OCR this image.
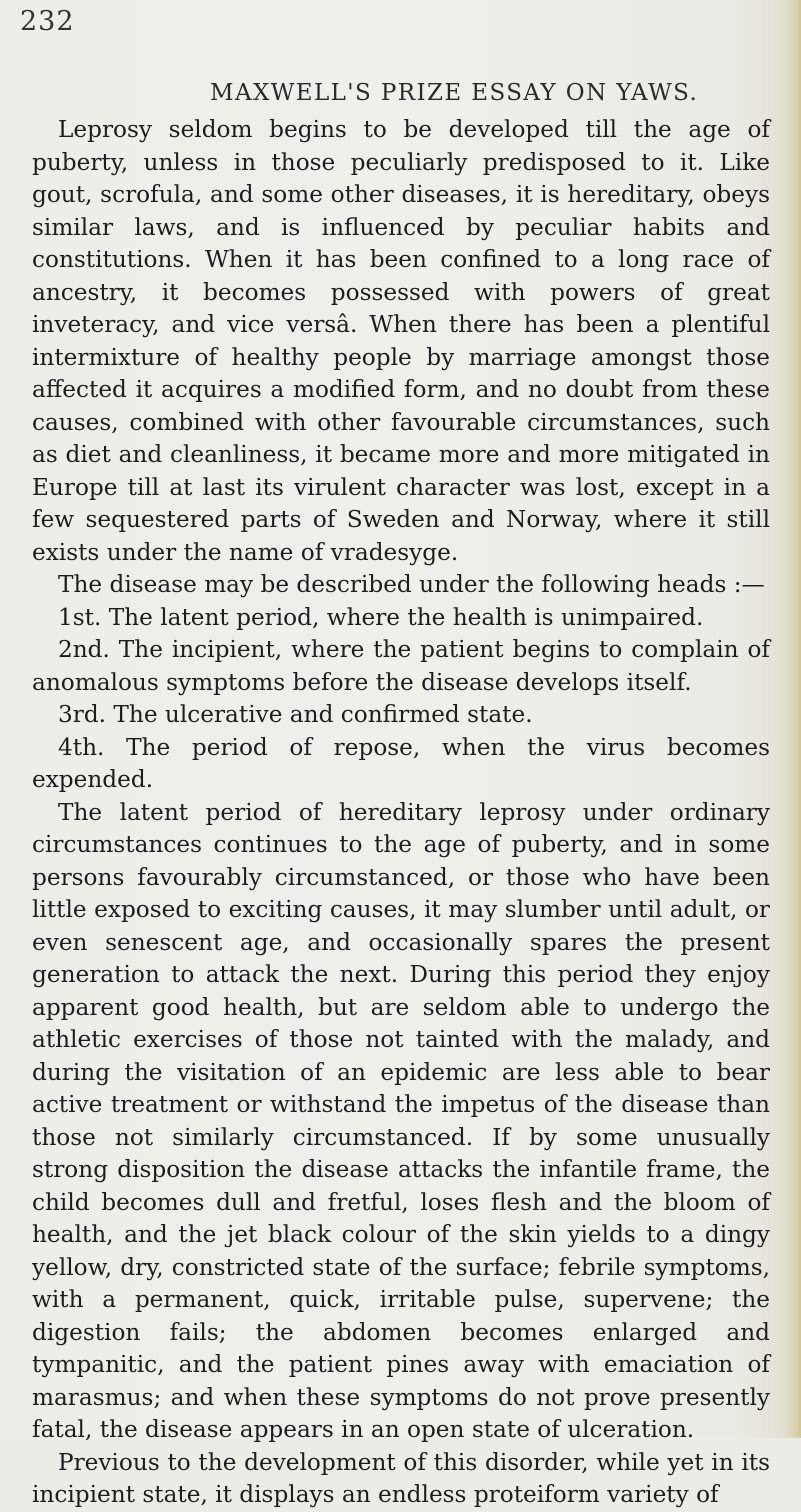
232
MAXWELL'S PRIZE ESSAY ON YAWS.

Leprosy seldom begins to be developed till the age of puberty, unless in those peculiarly predisposed to it. Like gout, scrofula, and some other diseases, it is hereditary, obeys similar laws, and is influenced by peculiar habits and constitutions. When it has been confined to a long race of ancestry, it becomes possessed with powers of great inveteracy, and vice versâ. When there has been a plentiful intermixture of healthy people by marriage amongst those affected it acquires a modified form, and no doubt from these causes, combined with other favourable circumstances, such as diet and cleanliness, it became more and more mitigated in Europe till at last its virulent character was lost, except in a few sequestered parts of Sweden and Norway, where it still exists under the name of vradesyge.

The disease may be described under the following heads :—

1st. The latent period, where the health is unimpaired.

2nd. The incipient, where the patient begins to complain of anomalous symptoms before the disease develops itself.

3rd. The ulcerative and confirmed state.

4th. The period of repose, when the virus becomes expended.

The latent period of hereditary leprosy under ordinary circumstances continues to the age of puberty, and in some persons favourably circumstanced, or those who have been little exposed to exciting causes, it may slumber until adult, or even senescent age, and occasionally spares the present generation to attack the next. During this period they enjoy apparent good health, but are seldom able to undergo the athletic exercises of those not tainted with the malady, and during the visitation of an epidemic are less able to bear active treatment or withstand the impetus of the disease than those not similarly circumstanced. If by some unusually strong disposition the disease attacks the infantile frame, the child becomes dull and fretful, loses flesh and the bloom of health, and the jet black colour of the skin yields to a dingy yellow, dry, constricted state of the surface; febrile symptoms, with a permanent, quick, irritable pulse, supervene; the digestion fails; the abdomen becomes enlarged and tympanitic, and the patient pines away with emaciation of marasmus; and when these symptoms do not prove presently fatal, the disease appears in an open state of ulceration.

Previous to the development of this disorder, while yet in its incipient state, it displays an endless proteiform variety of
